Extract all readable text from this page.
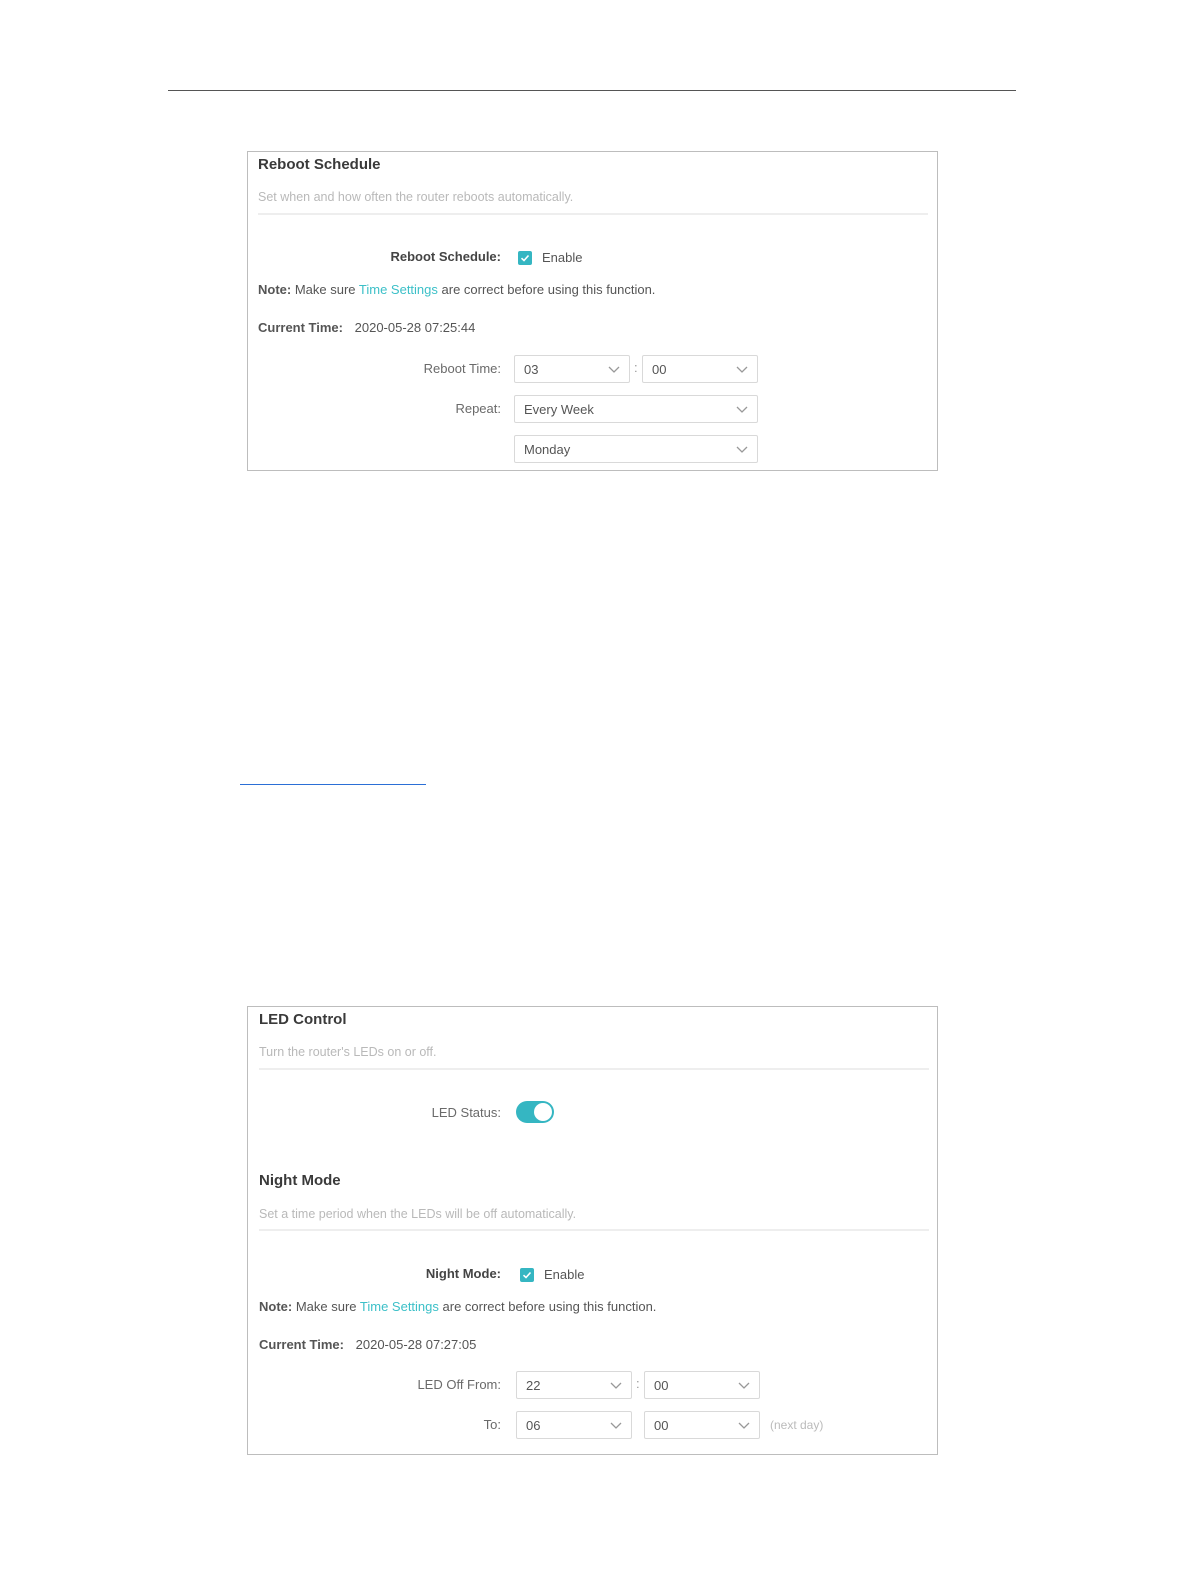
Reboot Schedule
Set when and how often the router reboots automatically.
Reboot Schedule:	Enable
Note: Make sure Time Settings are correct before using this function.
Current Time: 2020-05-28 07:25:44
Reboot Time: 03	: 00
Repeat: Every Week
Monday
LED Control
Turn the router's LEDs on or off.
LED Status:
Night Mode
Set a time period when the LEDs will be off automatically.
Night Mode:	Enable
Note: Make sure Time Settings are correct before using this function.
Current Time: 2020-05-28 07:27:05
LED Off From: 22	: 00
To: 06	00	(next day)
